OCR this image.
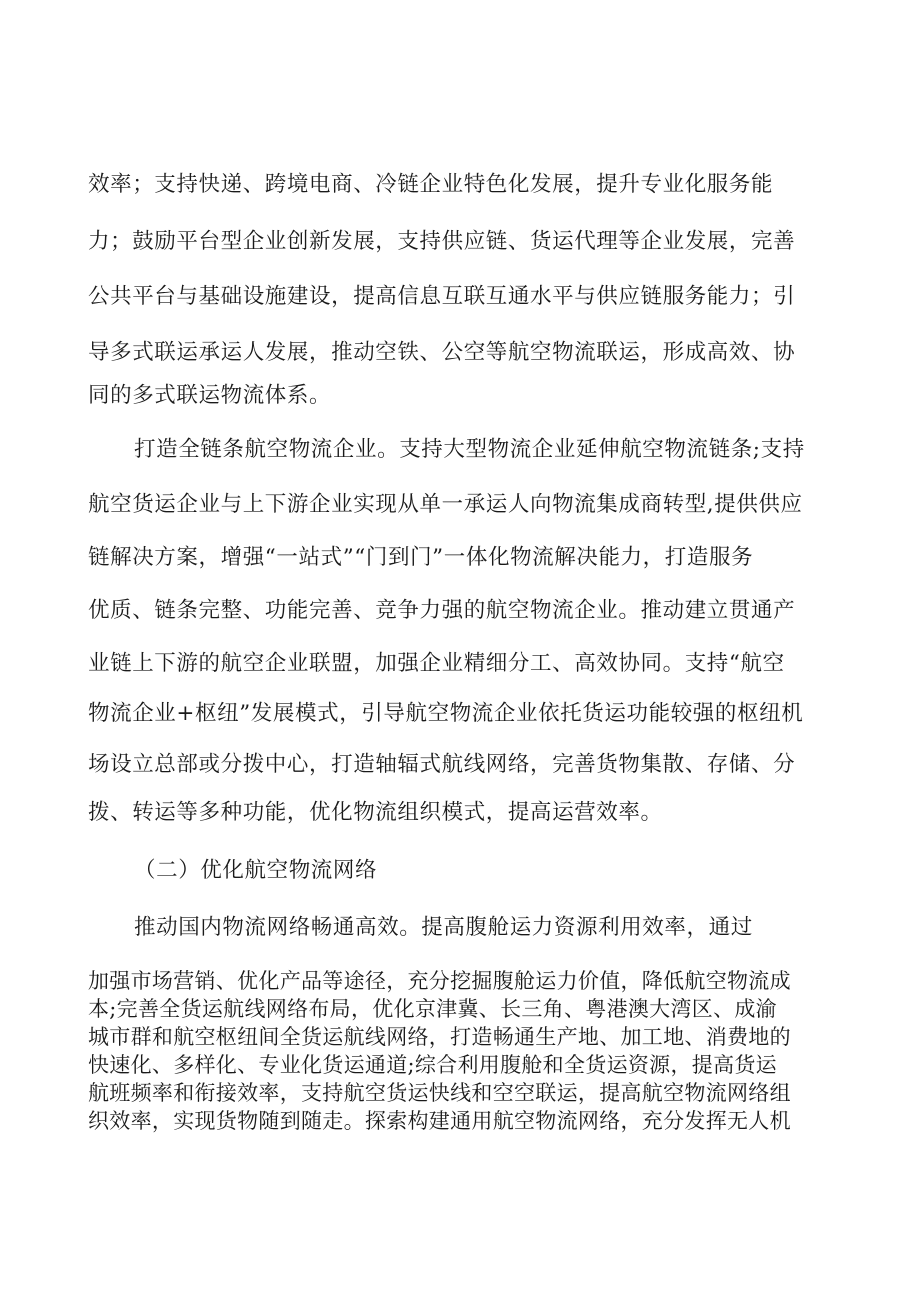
效率；支持快递、跨境电商、冷链企业特色化发展，提升专业化服务能

力；鼓励平台型企业创新发展，支持供应链、货运代理等企业发展，完善

公共平台与基础设施建设，提高信息互联互通水平与供应链服务能力；引

导多式联运承运人发展，推动空铁、公空等航空物流联运，形成高效、协

同的多式联运物流体系。

打造全链条航空物流企业。支持大型物流企业延伸航空物流链条;支持

航空货运企业与上下游企业实现从单一承运人向物流集成商转型,提供供应

链解决方案，增强“一站式”“门到门”一体化物流解决能力，打造服务

优质、链条完整、功能完善、竞争力强的航空物流企业。推动建立贯通产

业链上下游的航空企业联盟，加强企业精细分工、高效协同。支持“航空

物流企业+枢纽”发展模式，引导航空物流企业依托货运功能较强的枢纽机

场设立总部或分拨中心，打造轴辐式航线网络，完善货物集散、存储、分

拨、转运等多种功能，优化物流组织模式，提高运营效率。

（二）优化航空物流网络

推动国内物流网络畅通高效。提高腹舱运力资源利用效率，通过

加强市场营销、优化产品等途径，充分挖掘腹舱运力价值，降低航空物流成

本;完善全货运航线网络布局，优化京津冀、长三角、粤港澳大湾区、成渝

城市群和航空枢纽间全货运航线网络，打造畅通生产地、加工地、消费地的

快速化、多样化、专业化货运通道;综合利用腹舱和全货运资源，提高货运

航班频率和衔接效率，支持航空货运快线和空空联运，提高航空物流网络组

织效率，实现货物随到随走。探索构建通用航空物流网络，充分发挥无人机
